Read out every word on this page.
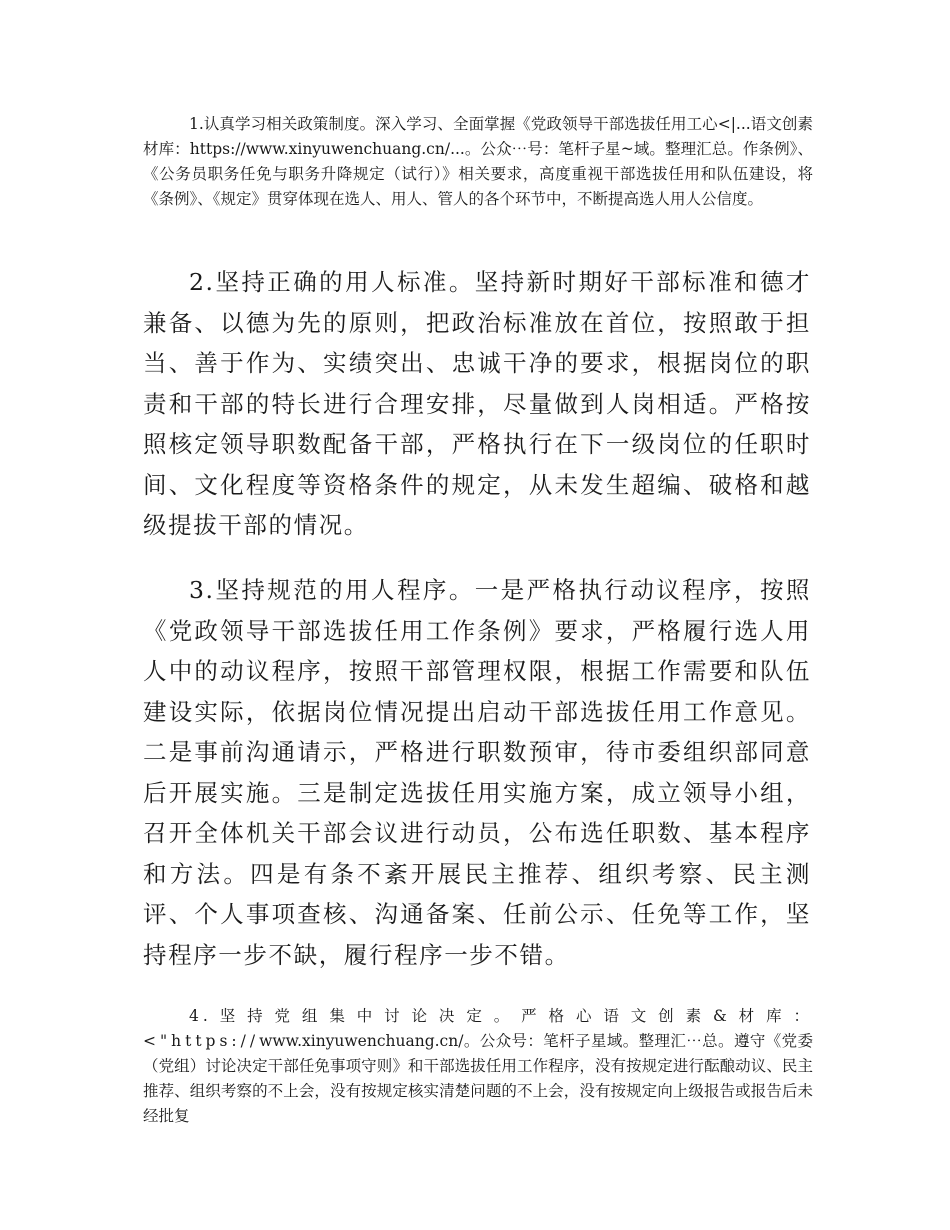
1.认真学习相关政策制度。深入学习、全面掌握《党政领导干部选拔任用工心<|...语文创素材库：https://www.xinyuwenchuang.cn/...。公众⋯号：笔杆子星~域。整理汇总。作条例》、《公务员职务任免与职务升降规定（试行）》相关要求，高度重视干部选拔任用和队伍建设，将《条例》、《规定》贯穿体现在选人、用人、管人的各个环节中，不断提高选人用人公信度。

2.坚持正确的用人标准。坚持新时期好干部标准和德才兼备、以德为先的原则，把政治标准放在首位，按照敢于担当、善于作为、实绩突出、忠诚干净的要求，根据岗位的职责和干部的特长进行合理安排，尽量做到人岗相适。严格按照核定领导职数配备干部，严格执行在下一级岗位的任职时间、文化程度等资格条件的规定，从未发生超编、破格和越级提拔干部的情况。

3.坚持规范的用人程序。一是严格执行动议程序，按照《党政领导干部选拔任用工作条例》要求，严格履行选人用人中的动议程序，按照干部管理权限，根据工作需要和队伍建设实际，依据岗位情况提出启动干部选拔任用工作意见。二是事前沟通请示，严格进行职数预审，待市委组织部同意后开展实施。三是制定选拔任用实施方案，成立领导小组，召开全体机关干部会议进行动员，公布选任职数、基本程序和方法。四是有条不紊开展民主推荐、组织考察、民主测评、个人事项查核、沟通备案、任前公示、任免等工作，坚持程序一步不缺，履行程序一步不错。

4.坚持党组集中讨论决定。严格心语文创素&材库：<"https://www.xinyuwenchuang.cn/。公众号：笔杆子星域。整理汇⋯总。遵守《党委（党组）讨论决定干部任免事项守则》和干部选拔任用工作程序，没有按规定进行酝酿动议、民主推荐、组织考察的不上会，没有按规定核实清楚问题的不上会，没有按规定向上级报告或报告后未经批复
